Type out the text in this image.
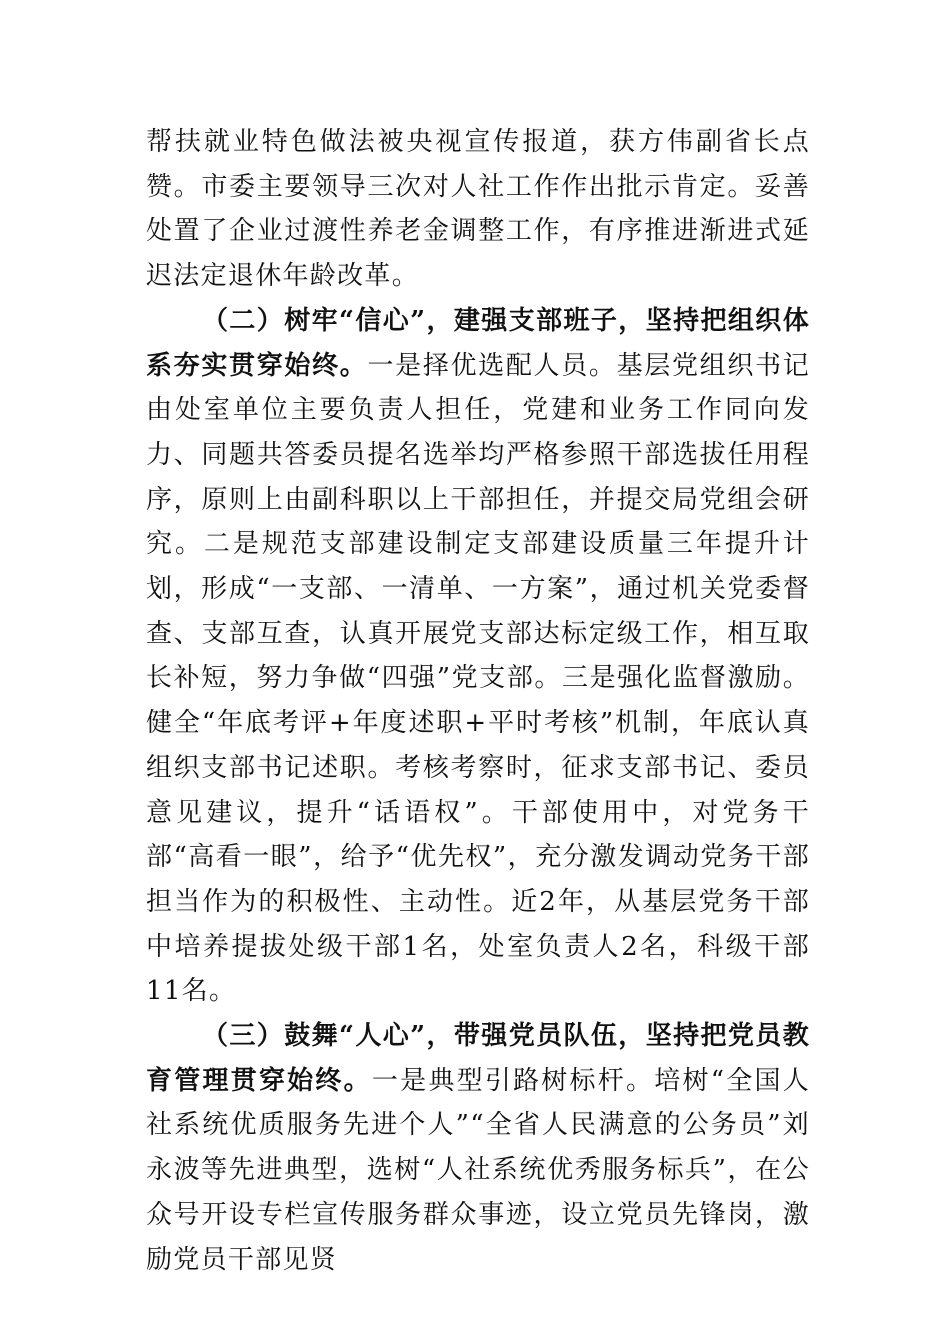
帮扶就业特色做法被央视宣传报道，获方伟副省长点赞。市委主要领导三次对人社工作作出批示肯定。妥善处置了企业过渡性养老金调整工作，有序推进渐进式延迟法定退休年龄改革。

（二）树牢“信心”，建强支部班子，坚持把组织体系夯实贯穿始终。一是择优选配人员。基层党组织书记由处室单位主要负责人担任，党建和业务工作同向发力、同题共答委员提名选举均严格参照干部选拔任用程序，原则上由副科职以上干部担任，并提交局党组会研究。二是规范支部建设制定支部建设质量三年提升计划，形成“一支部、一清单、一方案”，通过机关党委督查、支部互查，认真开展党支部达标定级工作，相互取长补短，努力争做“四强”党支部。三是强化监督激励。健全“年底考评+年度述职+平时考核”机制，年底认真组织支部书记述职。考核考察时，征求支部书记、委员意见建议，提升“话语权”。干部使用中，对党务干部“高看一眼”，给予“优先权”，充分激发调动党务干部担当作为的积极性、主动性。近2年，从基层党务干部中培养提拔处级干部1名，处室负责人2名，科级干部11名。

（三）鼓舞“人心”，带强党员队伍，坚持把党员教育管理贯穿始终。一是典型引路树标杆。培树“全国人社系统优质服务先进个人”“全省人民满意的公务员”刘永波等先进典型，选树“人社系统优秀服务标兵”，在公众号开设专栏宣传服务群众事迹，设立党员先锋岗，激励党员干部见贤
